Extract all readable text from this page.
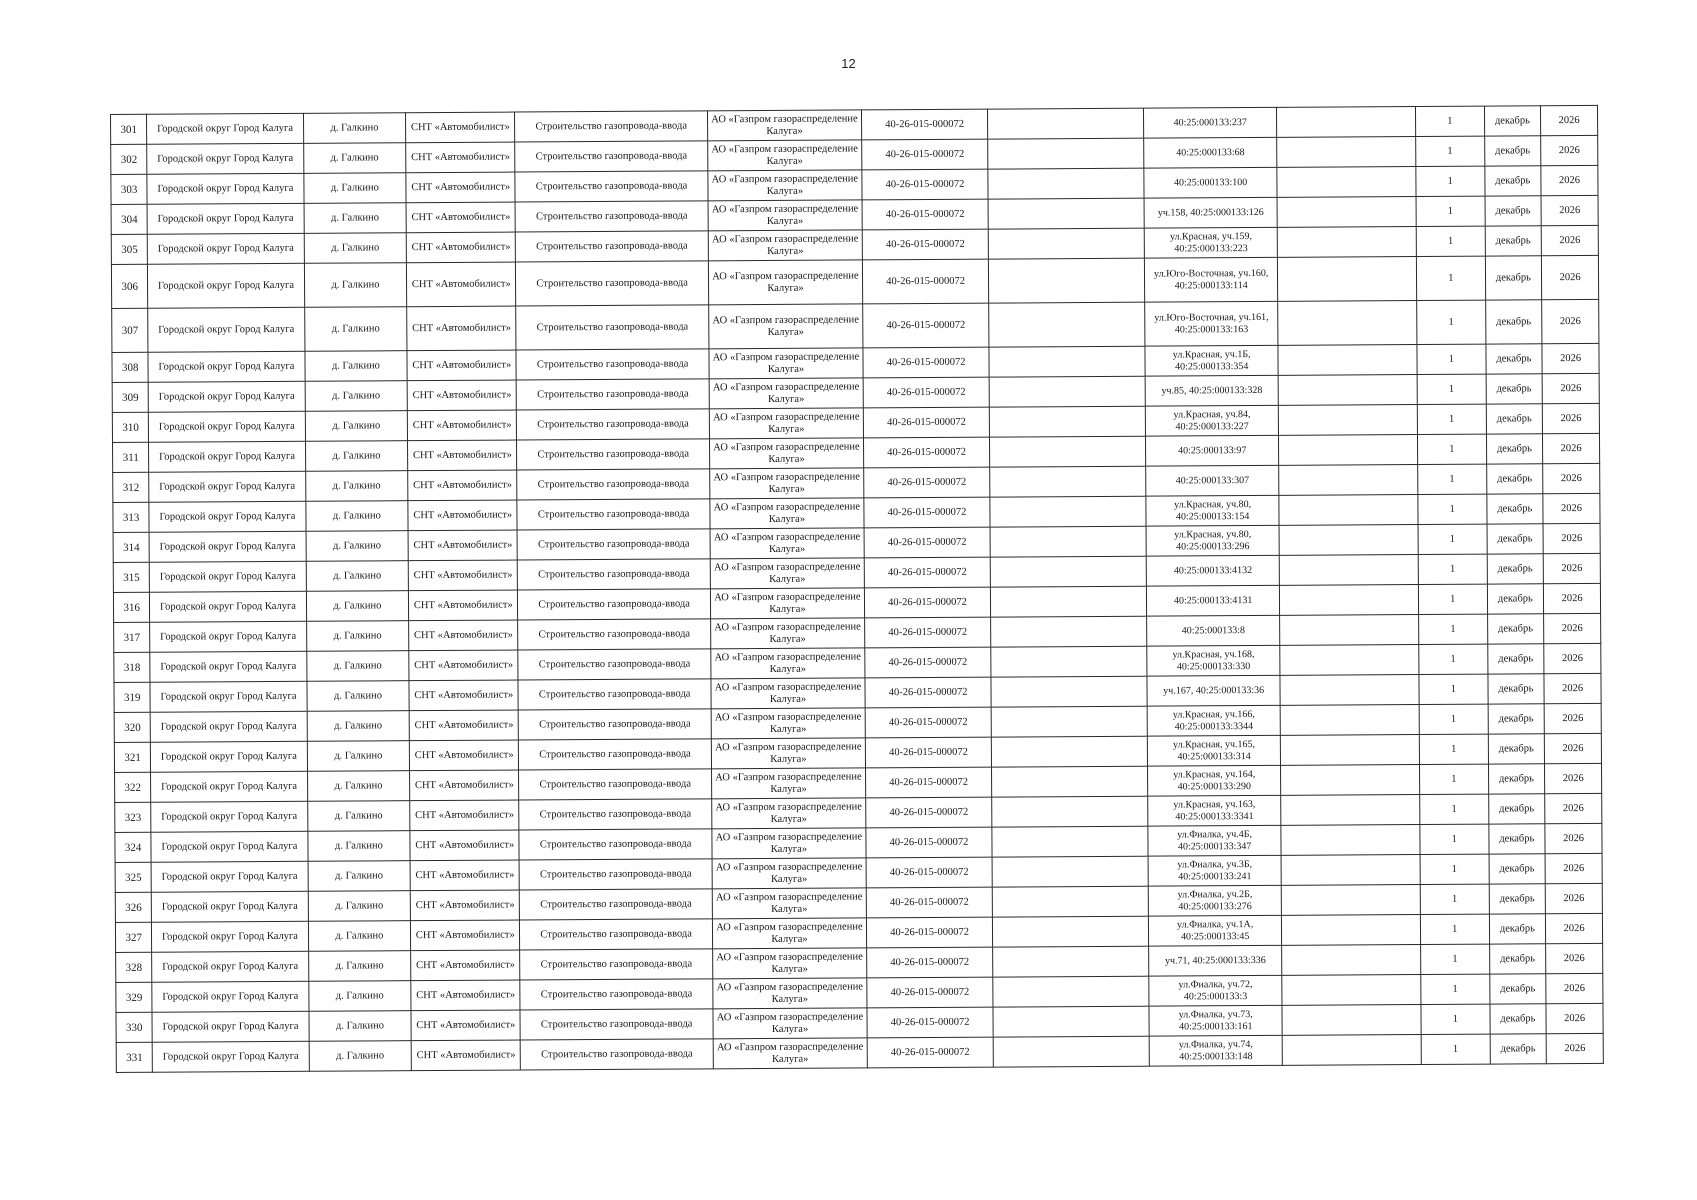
12
301	Городской округ Город Калуга	д. Галкино	СНТ «Автомобилист»	Строительство газопровода-ввода	АО «Газпром газораспределение Калуга»	40-26-015-000072		40:25:000133:237		1	декабрь	2026
302	Городской округ Город Калуга	д. Галкино	СНТ «Автомобилист»	Строительство газопровода-ввода	АО «Газпром газораспределение Калуга»	40-26-015-000072		40:25:000133:68		1	декабрь	2026
303	Городской округ Город Калуга	д. Галкино	СНТ «Автомобилист»	Строительство газопровода-ввода	АО «Газпром газораспределение Калуга»	40-26-015-000072		40:25:000133:100		1	декабрь	2026
304	Городской округ Город Калуга	д. Галкино	СНТ «Автомобилист»	Строительство газопровода-ввода	АО «Газпром газораспределение Калуга»	40-26-015-000072		уч.158, 40:25:000133:126		1	декабрь	2026
305	Городской округ Город Калуга	д. Галкино	СНТ «Автомобилист»	Строительство газопровода-ввода	АО «Газпром газораспределение Калуга»	40-26-015-000072		ул.Красная, уч.159, 40:25:000133:223		1	декабрь	2026
306	Городской округ Город Калуга	д. Галкино	СНТ «Автомобилист»	Строительство газопровода-ввода	АО «Газпром газораспределение Калуга»	40-26-015-000072		ул.Юго-Восточная, уч.160, 40:25:000133:114		1	декабрь	2026
307	Городской округ Город Калуга	д. Галкино	СНТ «Автомобилист»	Строительство газопровода-ввода	АО «Газпром газораспределение Калуга»	40-26-015-000072		ул.Юго-Восточная, уч.161, 40:25:000133:163		1	декабрь	2026
308	Городской округ Город Калуга	д. Галкино	СНТ «Автомобилист»	Строительство газопровода-ввода	АО «Газпром газораспределение Калуга»	40-26-015-000072		ул.Красная, уч.1Б, 40:25:000133:354		1	декабрь	2026
309	Городской округ Город Калуга	д. Галкино	СНТ «Автомобилист»	Строительство газопровода-ввода	АО «Газпром газораспределение Калуга»	40-26-015-000072		уч.85, 40:25:000133:328		1	декабрь	2026
310	Городской округ Город Калуга	д. Галкино	СНТ «Автомобилист»	Строительство газопровода-ввода	АО «Газпром газораспределение Калуга»	40-26-015-000072		ул.Красная, уч.84, 40:25:000133:227		1	декабрь	2026
311	Городской округ Город Калуга	д. Галкино	СНТ «Автомобилист»	Строительство газопровода-ввода	АО «Газпром газораспределение Калуга»	40-26-015-000072		40:25:000133:97		1	декабрь	2026
312	Городской округ Город Калуга	д. Галкино	СНТ «Автомобилист»	Строительство газопровода-ввода	АО «Газпром газораспределение Калуга»	40-26-015-000072		40:25:000133:307		1	декабрь	2026
313	Городской округ Город Калуга	д. Галкино	СНТ «Автомобилист»	Строительство газопровода-ввода	АО «Газпром газораспределение Калуга»	40-26-015-000072		ул.Красная, уч.80, 40:25:000133:154		1	декабрь	2026
314	Городской округ Город Калуга	д. Галкино	СНТ «Автомобилист»	Строительство газопровода-ввода	АО «Газпром газораспределение Калуга»	40-26-015-000072		ул.Красная, уч.80, 40:25:000133:296		1	декабрь	2026
315	Городской округ Город Калуга	д. Галкино	СНТ «Автомобилист»	Строительство газопровода-ввода	АО «Газпром газораспределение Калуга»	40-26-015-000072		40:25:000133:4132		1	декабрь	2026
316	Городской округ Город Калуга	д. Галкино	СНТ «Автомобилист»	Строительство газопровода-ввода	АО «Газпром газораспределение Калуга»	40-26-015-000072		40:25:000133:4131		1	декабрь	2026
317	Городской округ Город Калуга	д. Галкино	СНТ «Автомобилист»	Строительство газопровода-ввода	АО «Газпром газораспределение Калуга»	40-26-015-000072		40:25:000133:8		1	декабрь	2026
318	Городской округ Город Калуга	д. Галкино	СНТ «Автомобилист»	Строительство газопровода-ввода	АО «Газпром газораспределение Калуга»	40-26-015-000072		ул.Красная, уч.168, 40:25:000133:330		1	декабрь	2026
319	Городской округ Город Калуга	д. Галкино	СНТ «Автомобилист»	Строительство газопровода-ввода	АО «Газпром газораспределение Калуга»	40-26-015-000072		уч.167, 40:25:000133:36		1	декабрь	2026
320	Городской округ Город Калуга	д. Галкино	СНТ «Автомобилист»	Строительство газопровода-ввода	АО «Газпром газораспределение Калуга»	40-26-015-000072		ул.Красная, уч.166, 40:25:000133:3344		1	декабрь	2026
321	Городской округ Город Калуга	д. Галкино	СНТ «Автомобилист»	Строительство газопровода-ввода	АО «Газпром газораспределение Калуга»	40-26-015-000072		ул.Красная, уч.165, 40:25:000133:314		1	декабрь	2026
322	Городской округ Город Калуга	д. Галкино	СНТ «Автомобилист»	Строительство газопровода-ввода	АО «Газпром газораспределение Калуга»	40-26-015-000072		ул.Красная, уч.164, 40:25:000133:290		1	декабрь	2026
323	Городской округ Город Калуга	д. Галкино	СНТ «Автомобилист»	Строительство газопровода-ввода	АО «Газпром газораспределение Калуга»	40-26-015-000072		ул.Красная, уч.163, 40:25:000133:3341		1	декабрь	2026
324	Городской округ Город Калуга	д. Галкино	СНТ «Автомобилист»	Строительство газопровода-ввода	АО «Газпром газораспределение Калуга»	40-26-015-000072		ул.Фиалка, уч.4Б, 40:25:000133:347		1	декабрь	2026
325	Городской округ Город Калуга	д. Галкино	СНТ «Автомобилист»	Строительство газопровода-ввода	АО «Газпром газораспределение Калуга»	40-26-015-000072		ул.Фиалка, уч.3Б, 40:25:000133:241		1	декабрь	2026
326	Городской округ Город Калуга	д. Галкино	СНТ «Автомобилист»	Строительство газопровода-ввода	АО «Газпром газораспределение Калуга»	40-26-015-000072		ул.Фиалка, уч.2Б, 40:25:000133:276		1	декабрь	2026
327	Городской округ Город Калуга	д. Галкино	СНТ «Автомобилист»	Строительство газопровода-ввода	АО «Газпром газораспределение Калуга»	40-26-015-000072		ул.Фиалка, уч.1А, 40:25:000133:45		1	декабрь	2026
328	Городской округ Город Калуга	д. Галкино	СНТ «Автомобилист»	Строительство газопровода-ввода	АО «Газпром газораспределение Калуга»	40-26-015-000072		уч.71, 40:25:000133:336		1	декабрь	2026
329	Городской округ Город Калуга	д. Галкино	СНТ «Автомобилист»	Строительство газопровода-ввода	АО «Газпром газораспределение Калуга»	40-26-015-000072		ул.Фиалка, уч.72, 40:25:000133:3		1	декабрь	2026
330	Городской округ Город Калуга	д. Галкино	СНТ «Автомобилист»	Строительство газопровода-ввода	АО «Газпром газораспределение Калуга»	40-26-015-000072		ул.Фиалка, уч.73, 40:25:000133:161		1	декабрь	2026
331	Городской округ Город Калуга	д. Галкино	СНТ «Автомобилист»	Строительство газопровода-ввода	АО «Газпром газораспределение Калуга»	40-26-015-000072		ул.Фиалка, уч.74, 40:25:000133:148		1	декабрь	2026
